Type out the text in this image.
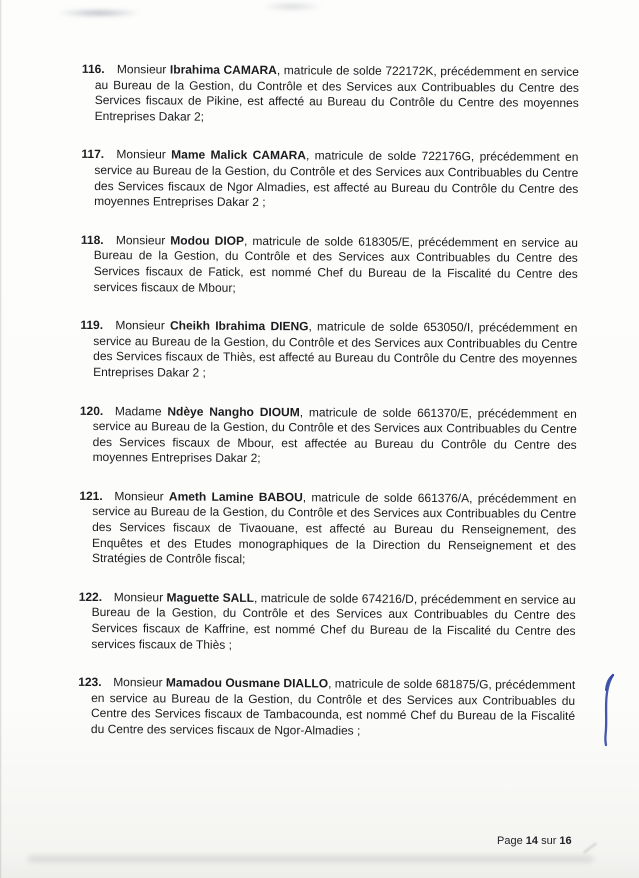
116. Monsieur Ibrahima CAMARA, matricule de solde 722172K, précédemment en service au Bureau de la Gestion, du Contrôle et des Services aux Contribuables du Centre des Services fiscaux de Pikine, est affecté au Bureau du Contrôle du Centre des moyennes Entreprises Dakar 2;
117. Monsieur Mame Malick CAMARA, matricule de solde 722176G, précédemment en service au Bureau de la Gestion, du Contrôle et des Services aux Contribuables du Centre des Services fiscaux de Ngor Almadies, est affecté au Bureau du Contrôle du Centre des moyennes Entreprises Dakar 2 ;
118. Monsieur Modou DIOP, matricule de solde 618305/E, précédemment en service au Bureau de la Gestion, du Contrôle et des Services aux Contribuables du Centre des Services fiscaux de Fatick, est nommé Chef du Bureau de la Fiscalité du Centre des services fiscaux de Mbour;
119. Monsieur Cheikh Ibrahima DIENG, matricule de solde 653050/I, précédemment en service au Bureau de la Gestion, du Contrôle et des Services aux Contribuables du Centre des Services fiscaux de Thiès, est affecté au Bureau du Contrôle du Centre des moyennes Entreprises Dakar 2 ;
120. Madame Ndèye Nangho DIOUM, matricule de solde 661370/E, précédemment en service au Bureau de la Gestion, du Contrôle et des Services aux Contribuables du Centre des Services fiscaux de Mbour, est affectée au Bureau du Contrôle du Centre des moyennes Entreprises Dakar 2;
121. Monsieur Ameth Lamine BABOU, matricule de solde 661376/A, précédemment en service au Bureau de la Gestion, du Contrôle et des Services aux Contribuables du Centre des Services fiscaux de Tivaouane, est affecté au Bureau du Renseignement, des Enquêtes et des Etudes monographiques de la Direction du Renseignement et des Stratégies de Contrôle fiscal;
122. Monsieur Maguette SALL, matricule de solde 674216/D, précédemment en service au Bureau de la Gestion, du Contrôle et des Services aux Contribuables du Centre des Services fiscaux de Kaffrine, est nommé Chef du Bureau de la Fiscalité du Centre des services fiscaux de Thiès ;
123. Monsieur Mamadou Ousmane DIALLO, matricule de solde 681875/G, précédemment en service au Bureau de la Gestion, du Contrôle et des Services aux Contribuables du Centre des Services fiscaux de Tambacounda, est nommé Chef du Bureau de la Fiscalité du Centre des services fiscaux de Ngor-Almadies ;
Page 14 sur 16
